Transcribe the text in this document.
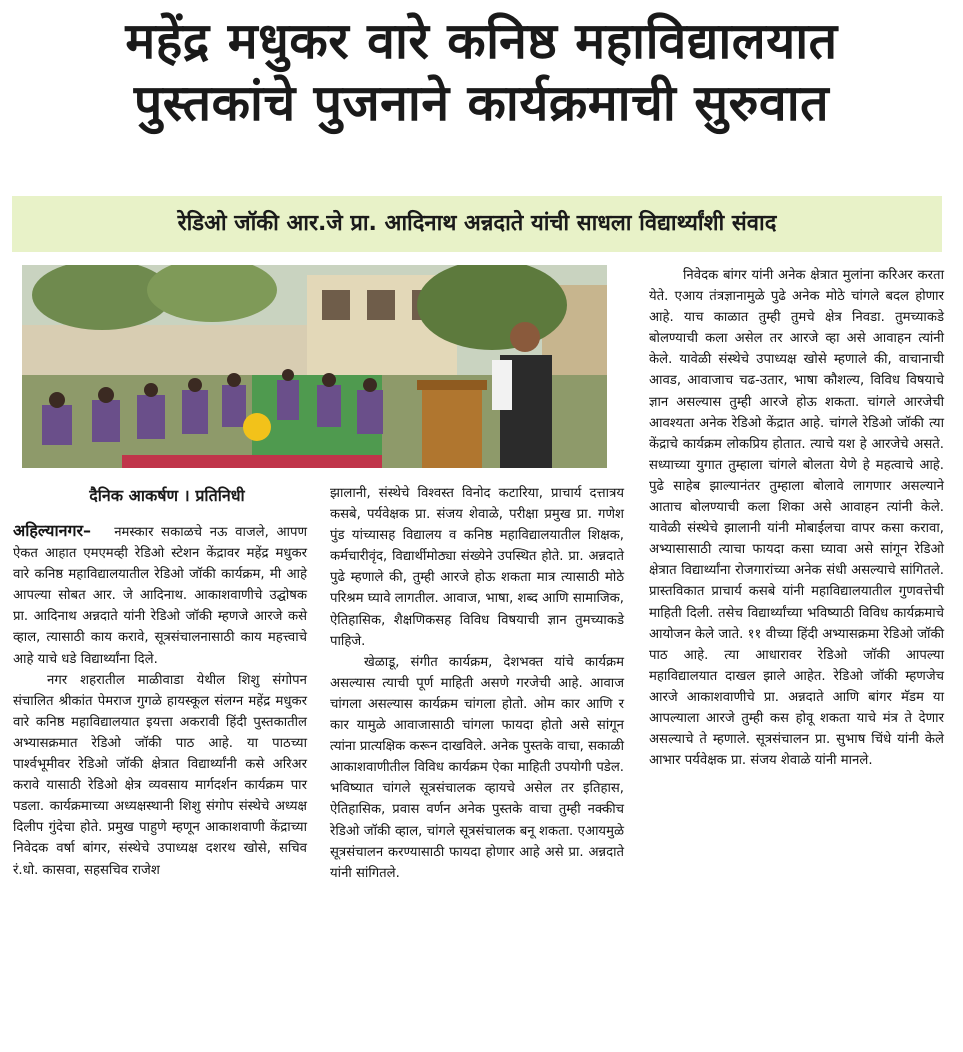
महेंद्र मधुकर वारे कनिष्ठ महाविद्यालयात
पुस्तकांचे पुजनाने कार्यक्रमाची सुरुवात
रेडिओ जॉकी आर.जे प्रा. आदिनाथ अन्नदाते यांची साधला विद्यार्थ्यांशी संवाद
दैनिक आकर्षण । प्रतिनिधी

अहिल्यानगर– नमस्कार सकाळचे नऊ वाजले, आपण ऐकत आहात एमएमव्ही रेडिओ स्टेशन केंद्रावर महेंद्र मधुकर वारे कनिष्ठ महाविद्यालयातील रेडिओ जॉकी कार्यक्रम, मी आहे आपल्या सोबत आर. जे आदिनाथ. आकाशवाणीचे उद्घोषक प्रा. आदिनाथ अन्नदाते यांनी रेडिओ जॉकी म्हणजे आरजे कसे व्हाल, त्यासाठी काय करावे, सूत्रसंचालनासाठी काय महत्त्वाचे आहे याचे धडे विद्यार्थ्यांना दिले.

नगर शहरातील माळीवाडा येथील शिशु संगोपन संचालित श्रीकांत पेमराज गुगळे हायस्कूल संलग्न महेंद्र मधुकर वारे कनिष्ठ महाविद्यालयात इयत्ता अकरावी हिंदी पुस्तकातील अभ्यासक्रमात रेडिओ जॉकी पाठ आहे. या पाठच्या पार्श्वभूमीवर रेडिओ जॉकी क्षेत्रात विद्यार्थ्यांनी कसे अरिअर करावे यासाठी रेडिओ क्षेत्र व्यवसाय मार्गदर्शन कार्यक्रम पार पडला. कार्यक्रमाच्या अध्यक्षस्थानी शिशु संगोप संस्थेचे अध्यक्ष दिलीप गुंदेचा होते. प्रमुख पाहुणे म्हणून आकाशवाणी केंद्राच्या निवेदक वर्षा बांगर, संस्थेचे उपाध्यक्ष दशरथ खोसे, सचिव रं.धो. कासवा, सहसचिव राजेश

झालानी, संस्थेचे विश्वस्त विनोद कटारिया, प्राचार्य दत्तात्रय कसबे, पर्यवेक्षक प्रा. संजय शेवाळे, परीक्षा प्रमुख प्रा. गणेश पुंड यांच्यासह विद्यालय व कनिष्ठ महाविद्यालयातील शिक्षक, कर्मचारीवृंद, विद्यार्थीमोठ्या संख्येने उपस्थित होते. प्रा. अन्नदाते पुढे म्हणाले की, तुम्ही आरजे होऊ शकता मात्र त्यासाठी मोठे परिश्रम घ्यावे लागतील. आवाज, भाषा, शब्द आणि सामाजिक, ऐतिहासिक, शैक्षणिकसह विविध विषयाची ज्ञान तुमच्याकडे पाहिजे.

खेळाडू, संगीत कार्यक्रम, देशभक्त यांचे कार्यक्रम असल्यास त्याची पूर्ण माहिती असणे गरजेची आहे. आवाज चांगला असल्यास कार्यक्रम चांगला होतो. ओम कार आणि र कार यामुळे आवाजासाठी चांगला फायदा होतो असे सांगून त्यांना प्रात्यक्षिक करून दाखविले. अनेक पुस्तके वाचा, सकाळी आकाशवाणीतील विविध कार्यक्रम ऐका माहिती उपयोगी पडेल. भविष्यात चांगले सूत्रसंचालक व्हायचे असेल तर इतिहास, ऐतिहासिक, प्रवास वर्णन अनेक पुस्तके वाचा तुम्ही नक्कीच रेडिओ जॉकी व्हाल, चांगले सूत्रसंचालक बनू शकता. एआयमुळे सूत्रसंचालन करण्यासाठी फायदा होणार आहे असे प्रा. अन्नदाते यांनी सांगितले.

निवेदक बांगर यांनी अनेक क्षेत्रात मुलांना करिअर करता येते. एआय तंत्रज्ञानामुळे पुढे अनेक मोठे चांगले बदल होणार आहे. याच काळात तुम्ही तुमचे क्षेत्र निवडा. तुमच्याकडे बोलण्याची कला असेल तर आरजे व्हा असे आवाहन त्यांनी केले. यावेळी संस्थेचे उपाध्यक्ष खोसे म्हणाले की, वाचानाची आवड, आवाजाच चढ-उतार, भाषा कौशल्य, विविध विषयाचे ज्ञान असल्यास तुम्ही आरजे होऊ शकता. चांगले आरजेची आवश्यता अनेक रेडिओ केंद्रात आहे. चांगले रेडिओ जॉकी त्या केंद्राचे कार्यक्रम लोकप्रिय होतात. त्याचे यश हे आरजेचे असते. सध्याच्या युगात तुम्हाला चांगले बोलता येणे हे महत्वाचे आहे. पुढे साहेब झाल्यानंतर तुम्हाला बोलावे लागणार असल्याने आताच बोलण्याची कला शिका असे आवाहन त्यांनी केले. यावेळी संस्थेचे झालानी यांनी मोबाईलचा वापर कसा करावा, अभ्यासासाठी त्याचा फायदा कसा घ्यावा असे सांगून रेडिओ क्षेत्रात विद्यार्थ्यांना रोजगारांच्या अनेक संधी असल्याचे सांगितले. प्रास्तविकात प्राचार्य कसबे यांनी महाविद्यालयातील गुणवत्तेची माहिती दिली. तसेच विद्यार्थ्यांच्या भविष्याठी विविध कार्यक्रमाचे आयोजन केले जाते. ११ वीच्या हिंदी अभ्यासक्रमा रेडिओ जॉकी पाठ आहे. त्या आधारावर रेडिओ जॉकी आपल्या महाविद्यालयात दाखल झाले आहेत. रेडिओ जॉकी म्हणजेच आरजे आकाशवाणीचे प्रा. अन्नदाते आणि बांगर मॅडम या आपल्याला आरजे तुम्ही कस होवू शकता याचे मंत्र ते देणार असल्याचे ते म्हणाले. सूत्रसंचालन प्रा. सुभाष चिंधे यांनी केले आभार पर्यवेक्षक प्रा. संजय शेवाळे यांनी मानले.
